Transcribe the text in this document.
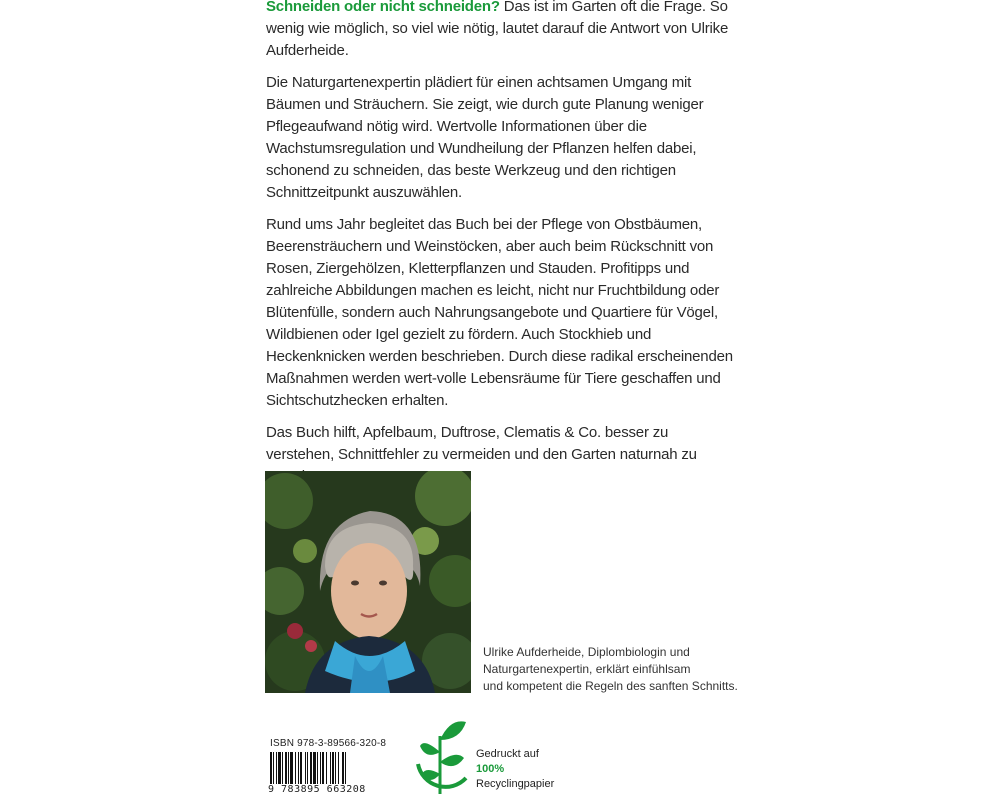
Schneiden oder nicht schneiden? Das ist im Garten oft die Frage. So wenig wie möglich, so viel wie nötig, lautet darauf die Antwort von Ulrike Aufderheide.

Die Naturgartenexpertin plädiert für einen achtsamen Umgang mit Bäumen und Sträuchern. Sie zeigt, wie durch gute Planung weniger Pflegeaufwand nötig wird. Wertvolle Informationen über die Wachstumsregulation und Wundheilung der Pflanzen helfen dabei, schonend zu schneiden, das beste Werkzeug und den richtigen Schnittzeitpunkt auszuwählen.

Rund ums Jahr begleitet das Buch bei der Pflege von Obstbäumen, Beerensträuchern und Weinstöcken, aber auch beim Rückschnitt von Rosen, Ziergehölzen, Kletterpflanzen und Stauden. Profitipps und zahlreiche Abbildungen machen es leicht, nicht nur Fruchtbildung oder Blütenfülle, sondern auch Nahrungsangebote und Quartiere für Vögel, Wildbienen oder Igel gezielt zu fördern. Auch Stockhieb und Heckenknicken werden beschrieben. Durch diese radikal erscheinenden Maßnahmen werden wert-volle Lebensräume für Tiere geschaffen und Sichtschutzhecken erhalten.

Das Buch hilft, Apfelbaum, Duftrose, Clematis & Co. besser zu verstehen, Schnittfehler zu vermeiden und den Garten naturnah zu

Ulrike Aufderheide, Diplombiologin und
Naturgartenexpertin, erklärt einfühlsam
und kompetent die Regeln des sanften Schnitts.
ISBN 978-3-89566-320-8
9 783895 663208
Gedruckt auf
100%
Recyclingpapier
